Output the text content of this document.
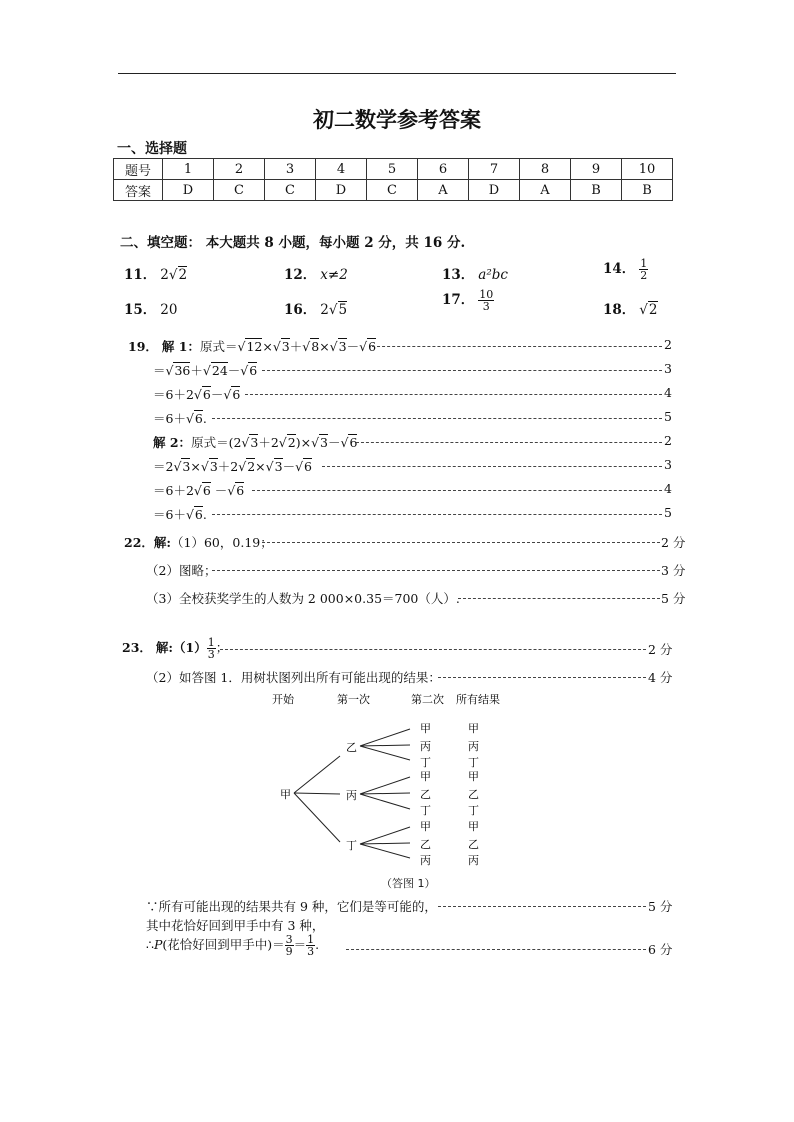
初二数学参考答案
一、选择题
题号	1	2	3	4	5	6	7	8	9	10
答案	D	C	C	D	C	A	D	A	B	B
二、填空题： 本大题共 8 小题，每小题 2 分，共 16 分.
11． 2√2	12． x≠2	13． a²bc	14． $\frac{1}{2}$
15． 20	16． 2√5
17． $\frac{10}{3}$	18． √2
19． 解 1：原式＝√12×√3＋√8×√3－√6	2
＝√36＋√24－√6	3
＝6＋2√6－√6	4
＝6＋√6.	5
解 2：原式＝(2√3＋2√2)×√3－√6	2
＝2√3×√3＋2√2×√3－√6	3
＝6＋2√6 －√6	4
＝6＋√6.	5
22．解:（1）60，0.19；	2 分
（2）图略；	3 分
（3）全校获奖学生的人数为 2 000×0.35＝700（人）.	5 分
23． 解:（1） $\frac{1}{3}$ ；	2 分
（2）如答图 1．用树状图列出所有可能出现的结果：	4 分
开始	第一次	第二次 所有结果
甲
乙
丙
丁
甲
丙
丁
甲
乙
丁
甲
乙
丙
甲
丙
丁
甲
乙
丁
甲
乙
丙
（答图 1）
∵所有可能出现的结果共有 9 种，它们是等可能的，	5 分
其中花恰好回到甲手中有 3 种，
∴P(花恰好回到甲手中)＝ $\frac{3}{9} = \frac{1}{3}$ .	6 分
